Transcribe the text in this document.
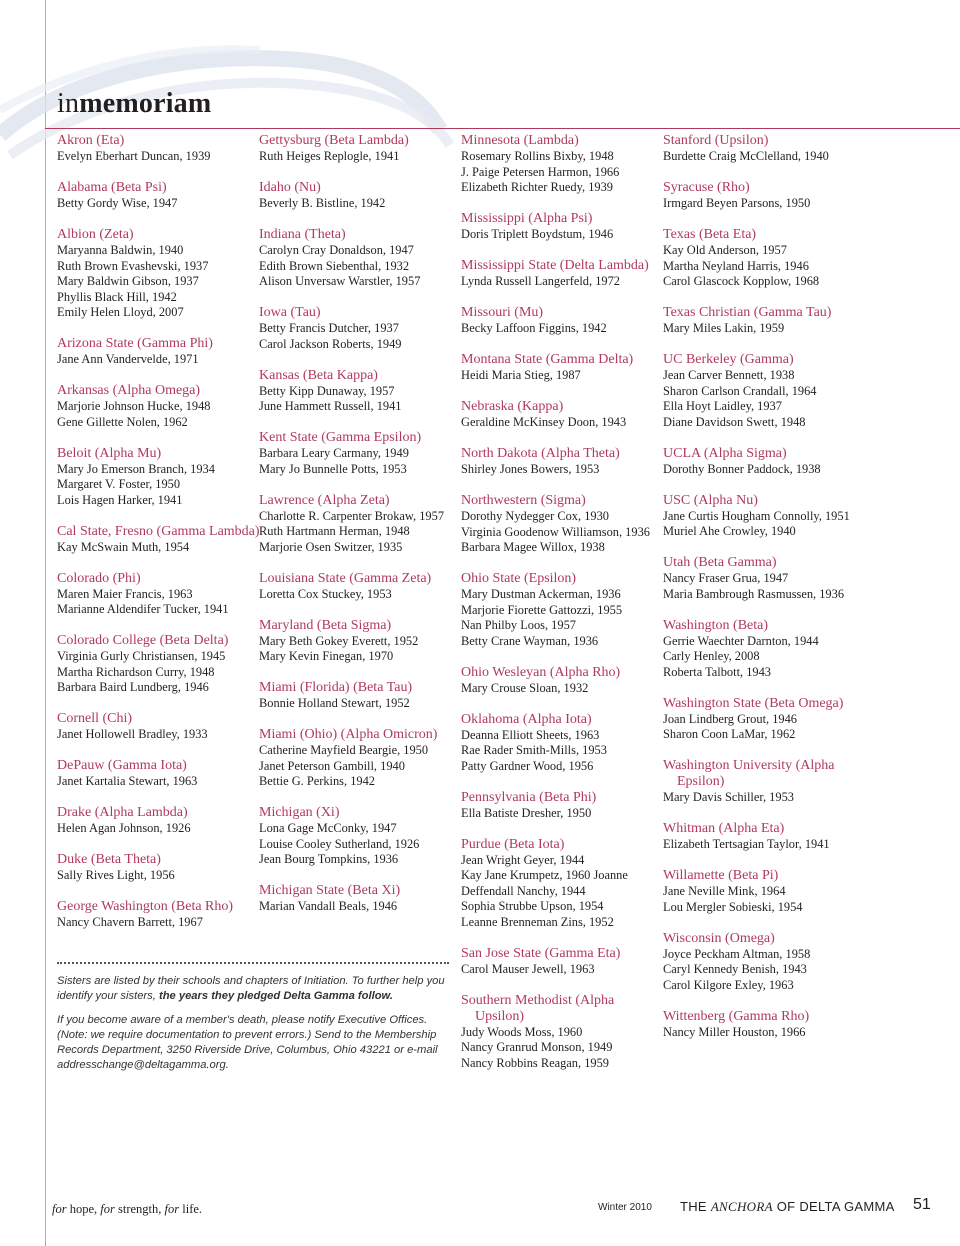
inmemoriam
Akron (Eta)
Evelyn Eberhart Duncan, 1939
Alabama (Beta Psi)
Betty Gordy Wise, 1947
Albion (Zeta)
Maryanna Baldwin, 1940
Ruth Brown Evashevski, 1937
Mary Baldwin Gibson, 1937
Phyllis Black Hill, 1942
Emily Helen Lloyd, 2007
Arizona State (Gamma Phi)
Jane Ann Vandervelde, 1971
Arkansas (Alpha Omega)
Marjorie Johnson Hucke, 1948
Gene Gillette Nolen, 1962
Beloit (Alpha Mu)
Mary Jo Emerson Branch, 1934
Margaret V. Foster, 1950
Lois Hagen Harker, 1941
Cal State, Fresno (Gamma Lambda)
Kay McSwain Muth, 1954
Colorado (Phi)
Maren Maier Francis, 1963
Marianne Aldendifer Tucker, 1941
Colorado College (Beta Delta)
Virginia Gurly Christiansen, 1945
Martha Richardson Curry, 1948
Barbara Baird Lundberg, 1946
Cornell (Chi)
Janet Hollowell Bradley, 1933
DePauw (Gamma Iota)
Janet Kartalia Stewart, 1963
Drake (Alpha Lambda)
Helen Agan Johnson, 1926
Duke (Beta Theta)
Sally Rives Light, 1956
George Washington (Beta Rho)
Nancy Chavern Barrett, 1967
Gettysburg (Beta Lambda)
Ruth Heiges Replogle, 1941
Idaho (Nu)
Beverly B. Bistline, 1942
Indiana (Theta)
Carolyn Cray Donaldson, 1947
Edith Brown Siebenthal, 1932
Alison Unversaw Warstler, 1957
Iowa (Tau)
Betty Francis Dutcher, 1937
Carol Jackson Roberts, 1949
Kansas (Beta Kappa)
Betty Kipp Dunaway, 1957
June Hammett Russell, 1941
Kent State (Gamma Epsilon)
Barbara Leary Carmany, 1949
Mary Jo Bunnelle Potts, 1953
Lawrence (Alpha Zeta)
Charlotte R. Carpenter Brokaw, 1957
Ruth Hartmann Herman, 1948
Marjorie Osen Switzer, 1935
Louisiana State (Gamma Zeta)
Loretta Cox Stuckey, 1953
Maryland (Beta Sigma)
Mary Beth Gokey Everett, 1952
Mary Kevin Finegan, 1970
Miami (Florida) (Beta Tau)
Bonnie Holland Stewart, 1952
Miami (Ohio) (Alpha Omicron)
Catherine Mayfield Beargie, 1950
Janet Peterson Gambill, 1940
Bettie G. Perkins, 1942
Michigan (Xi)
Lona Gage McConky, 1947
Louise Cooley Sutherland, 1926
Jean Bourg Tompkins, 1936
Michigan State (Beta Xi)
Marian Vandall Beals, 1946
Minnesota (Lambda)
Rosemary Rollins Bixby, 1948
J. Paige Petersen Harmon, 1966
Elizabeth Richter Ruedy, 1939
Mississippi (Alpha Psi)
Doris Triplett Boydstum, 1946
Mississippi State (Delta Lambda)
Lynda Russell Langerfeld, 1972
Missouri (Mu)
Becky Laffoon Figgins, 1942
Montana State (Gamma Delta)
Heidi Maria Stieg, 1987
Nebraska (Kappa)
Geraldine McKinsey Doon, 1943
North Dakota (Alpha Theta)
Shirley Jones Bowers, 1953
Northwestern (Sigma)
Dorothy Nydegger Cox, 1930
Virginia Goodenow Williamson, 1936
Barbara Magee Willox, 1938
Ohio State (Epsilon)
Mary Dustman Ackerman, 1936
Marjorie Fiorette Gattozzi, 1955
Nan Philby Loos, 1957
Betty Crane Wayman, 1936
Ohio Wesleyan (Alpha Rho)
Mary Crouse Sloan, 1932
Oklahoma (Alpha Iota)
Deanna Elliott Sheets, 1963
Rae Rader Smith-Mills, 1953
Patty Gardner Wood, 1956
Pennsylvania (Beta Phi)
Ella Batiste Dresher, 1950
Purdue (Beta Iota)
Jean Wright Geyer, 1944
Kay Jane Krumpetz, 1960 Joanne
Deffendall Nanchy, 1944
Sophia Strubbe Upson, 1954
Leanne Brenneman Zins, 1952
San Jose State (Gamma Eta)
Carol Mauser Jewell, 1963
Southern Methodist (Alpha Upsilon)
Judy Woods Moss, 1960
Nancy Granrud Monson, 1949
Nancy Robbins Reagan, 1959
Stanford (Upsilon)
Burdette Craig McClelland, 1940
Syracuse (Rho)
Irmgard Beyen Parsons, 1950
Texas (Beta Eta)
Kay Old Anderson, 1957
Martha Neyland Harris, 1946
Carol Glascock Kopplow, 1968
Texas Christian (Gamma Tau)
Mary Miles Lakin, 1959
UC Berkeley (Gamma)
Jean Carver Bennett, 1938
Sharon Carlson Crandall, 1964
Ella Hoyt Laidley, 1937
Diane Davidson Swett, 1948
UCLA (Alpha Sigma)
Dorothy Bonner Paddock, 1938
USC (Alpha Nu)
Jane Curtis Hougham Connolly, 1951
Muriel Ahe Crowley, 1940
Utah (Beta Gamma)
Nancy Fraser Grua, 1947
Maria Bambrough Rasmussen, 1936
Washington (Beta)
Gerrie Waechter Darnton, 1944
Carly Henley, 2008
Roberta Talbott, 1943
Washington State (Beta Omega)
Joan Lindberg Grout, 1946
Sharon Coon LaMar, 1962
Washington University (Alpha Epsilon)
Mary Davis Schiller, 1953
Whitman (Alpha Eta)
Elizabeth Tertsagian Taylor, 1941
Willamette (Beta Pi)
Jane Neville Mink, 1964
Lou Mergler Sobieski, 1954
Wisconsin (Omega)
Joyce Peckham Altman, 1958
Caryl Kennedy Benish, 1943
Carol Kilgore Exley, 1963
Wittenberg (Gamma Rho)
Nancy Miller Houston, 1966

Sisters are listed by their schools and chapters of Initiation. To further help you identify your sisters, the years they pledged Delta Gamma follow.

If you become aware of a member's death, please notify Executive Offices. (Note: we require documentation to prevent errors.) Send to the Membership Records Department, 3250 Riverside Drive, Columbus, Ohio 43221 or e-mail addresschange@deltagamma.org.

for hope, for strength, for life.	Winter 2010 THE ANCHORA OF DELTA GAMMA 51
